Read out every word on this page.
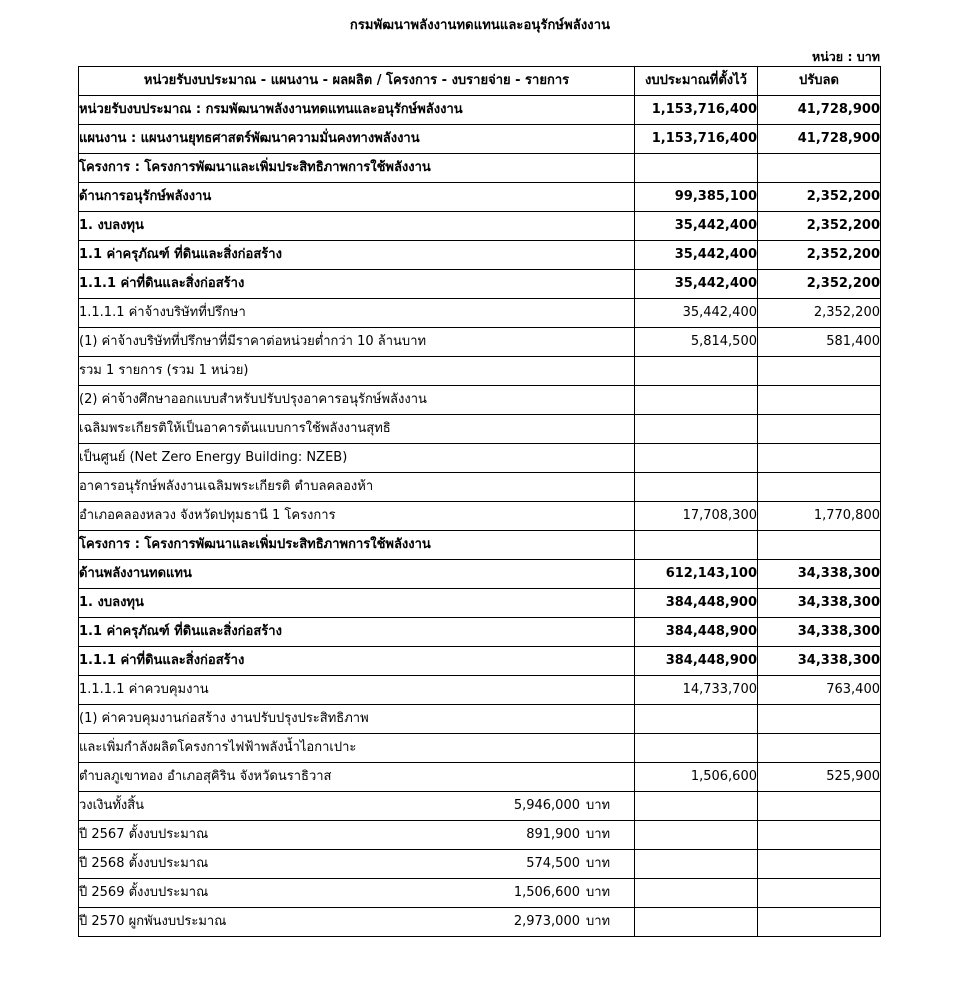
กรมพัฒนาพลังงานทดแทนและอนุรักษ์พลังงาน
หน่วย : บาท
หน่วยรับงบประมาณ - แผนงาน - ผลผลิต / โครงการ - งบรายจ่าย - รายการ	งบประมาณที่ตั้งไว้	ปรับลด
หน่วยรับงบประมาณ : กรมพัฒนาพลังงานทดแทนและอนุรักษ์พลังงาน	1,153,716,400	41,728,900
แผนงาน : แผนงานยุทธศาสตร์พัฒนาความมั่นคงทางพลังงาน	1,153,716,400	41,728,900
โครงการ : โครงการพัฒนาและเพิ่มประสิทธิภาพการใช้พลังงาน		
ด้านการอนุรักษ์พลังงาน	99,385,100	2,352,200
1. งบลงทุน	35,442,400	2,352,200
1.1 ค่าครุภัณฑ์ ที่ดินและสิ่งก่อสร้าง	35,442,400	2,352,200
1.1.1 ค่าที่ดินและสิ่งก่อสร้าง	35,442,400	2,352,200
1.1.1.1 ค่าจ้างบริษัทที่ปรึกษา	35,442,400	2,352,200
(1) ค่าจ้างบริษัทที่ปรึกษาที่มีราคาต่อหน่วยต่ำกว่า 10 ล้านบาท	5,814,500	581,400
รวม 1 รายการ (รวม 1 หน่วย)		
(2) ค่าจ้างศึกษาออกแบบสำหรับปรับปรุงอาคารอนุรักษ์พลังงาน		
เฉลิมพระเกียรติให้เป็นอาคารต้นแบบการใช้พลังงานสุทธิ		
เป็นศูนย์ (Net Zero Energy Building: NZEB)		
อาคารอนุรักษ์พลังงานเฉลิมพระเกียรติ ตำบลคลองห้า		
อำเภอคลองหลวง จังหวัดปทุมธานี 1 โครงการ	17,708,300	1,770,800
โครงการ : โครงการพัฒนาและเพิ่มประสิทธิภาพการใช้พลังงาน		
ด้านพลังงานทดแทน	612,143,100	34,338,300
1. งบลงทุน	384,448,900	34,338,300
1.1 ค่าครุภัณฑ์ ที่ดินและสิ่งก่อสร้าง	384,448,900	34,338,300
1.1.1 ค่าที่ดินและสิ่งก่อสร้าง	384,448,900	34,338,300
1.1.1.1 ค่าควบคุมงาน	14,733,700	763,400
(1) ค่าควบคุมงานก่อสร้าง งานปรับปรุงประสิทธิภาพ		
และเพิ่มกำลังผลิตโครงการไฟฟ้าพลังน้ำไอกาเปาะ		
ตำบลภูเขาทอง อำเภอสุคิริน จังหวัดนราธิวาส	1,506,600	525,900

วงเงินทั้งสิ้น 5,946,000 บาท		

ปี 2567 ตั้งงบประมาณ 891,900 บาท		

ปี 2568 ตั้งงบประมาณ 574,500 บาท		

ปี 2569 ตั้งงบประมาณ 1,506,600 บาท		

ปี 2570 ผูกพันงบประมาณ 2,973,000 บาท		
